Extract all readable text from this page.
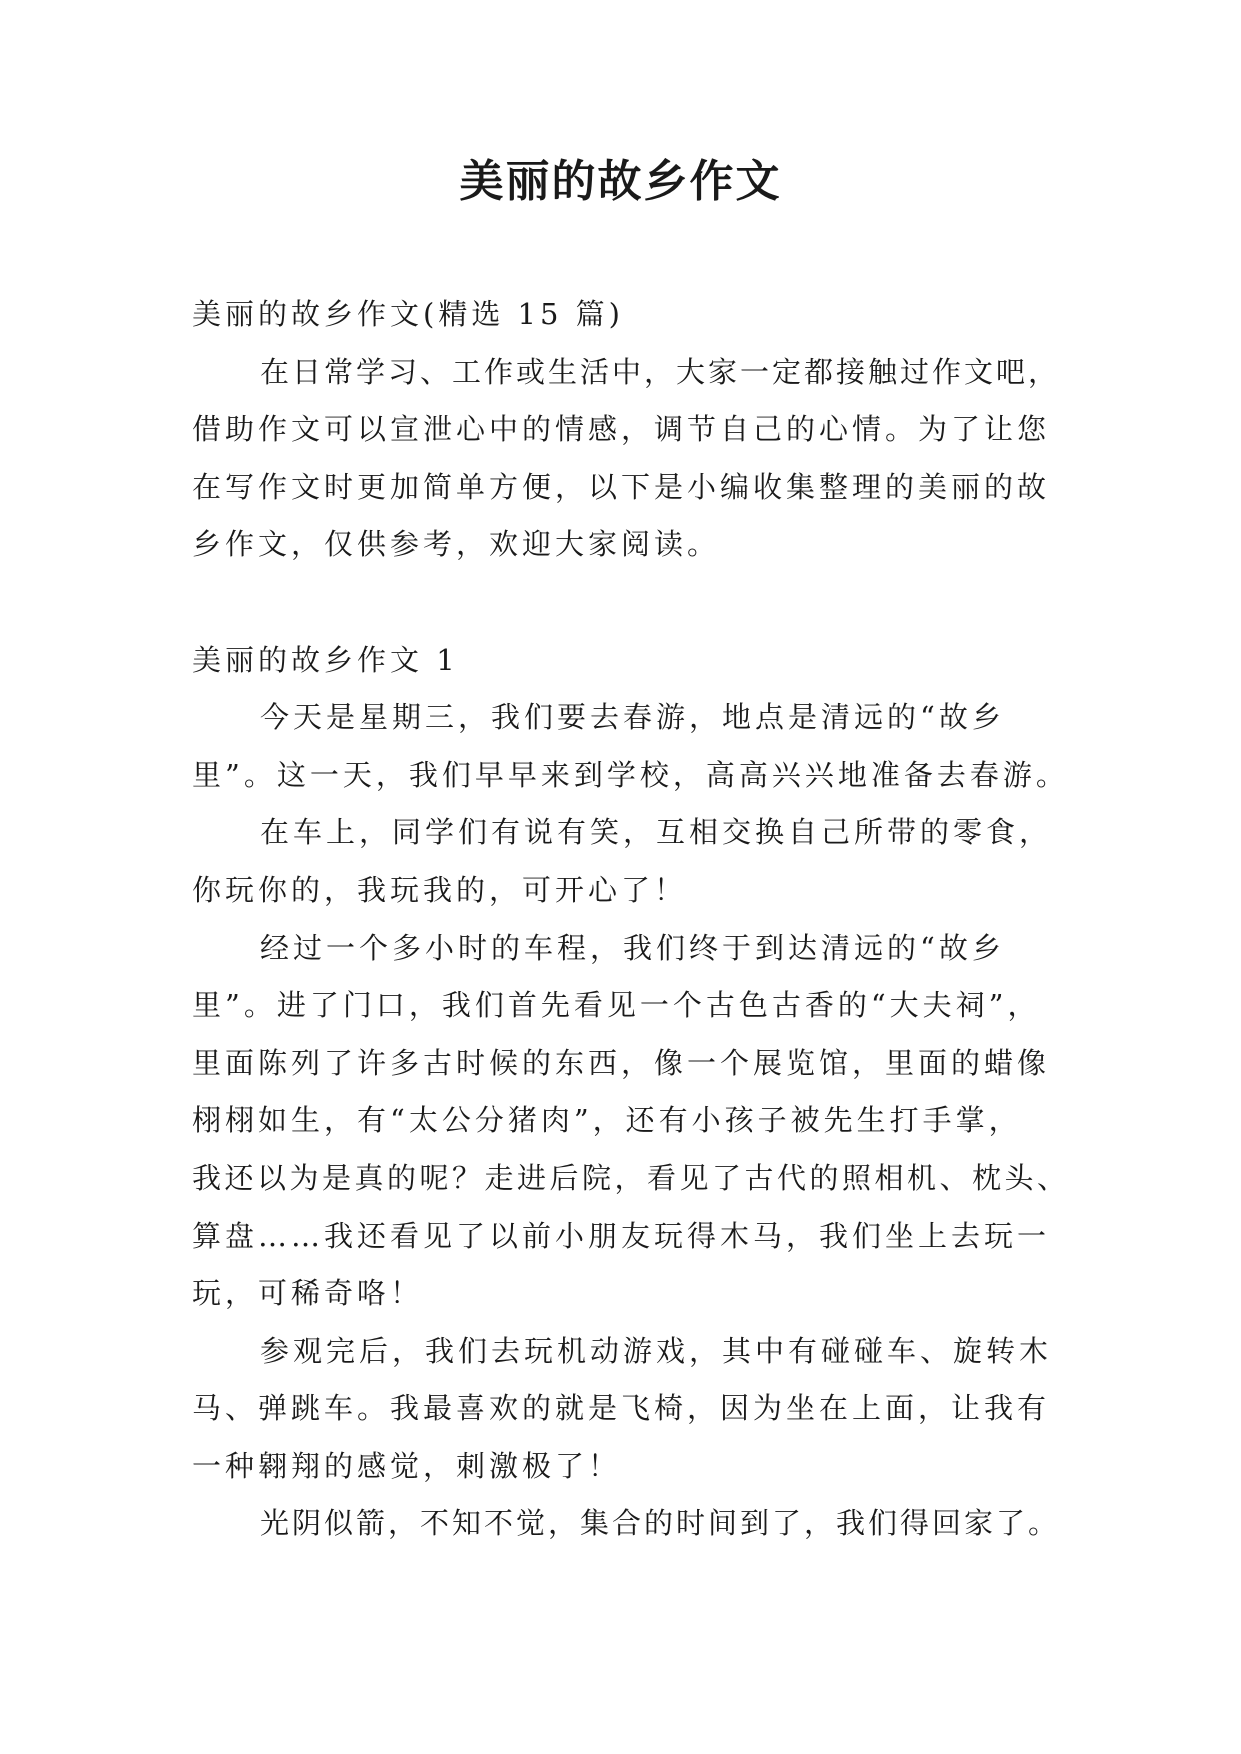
美丽的故乡作文
美丽的故乡作文(精选 15 篇)
在日常学习、工作或生活中，大家一定都接触过作文吧，
借助作文可以宣泄心中的情感，调节自己的心情。为了让您
在写作文时更加简单方便，以下是小编收集整理的美丽的故
乡作文，仅供参考，欢迎大家阅读。
美丽的故乡作文 1
今天是星期三，我们要去春游，地点是清远的“故乡
里”。这一天，我们早早来到学校，高高兴兴地准备去春游。
在车上，同学们有说有笑，互相交换自己所带的零食，
你玩你的，我玩我的，可开心了！
经过一个多小时的车程，我们终于到达清远的“故乡
里”。进了门口，我们首先看见一个古色古香的“大夫祠”，
里面陈列了许多古时候的东西，像一个展览馆，里面的蜡像
栩栩如生，有“太公分猪肉”，还有小孩子被先生打手掌，
我还以为是真的呢？走进后院，看见了古代的照相机、枕头、
算盘……我还看见了以前小朋友玩得木马，我们坐上去玩一
玩，可稀奇咯！
参观完后，我们去玩机动游戏，其中有碰碰车、旋转木
马、弹跳车。我最喜欢的就是飞椅，因为坐在上面，让我有
一种翱翔的感觉，刺激极了！
光阴似箭，不知不觉，集合的时间到了，我们得回家了。
